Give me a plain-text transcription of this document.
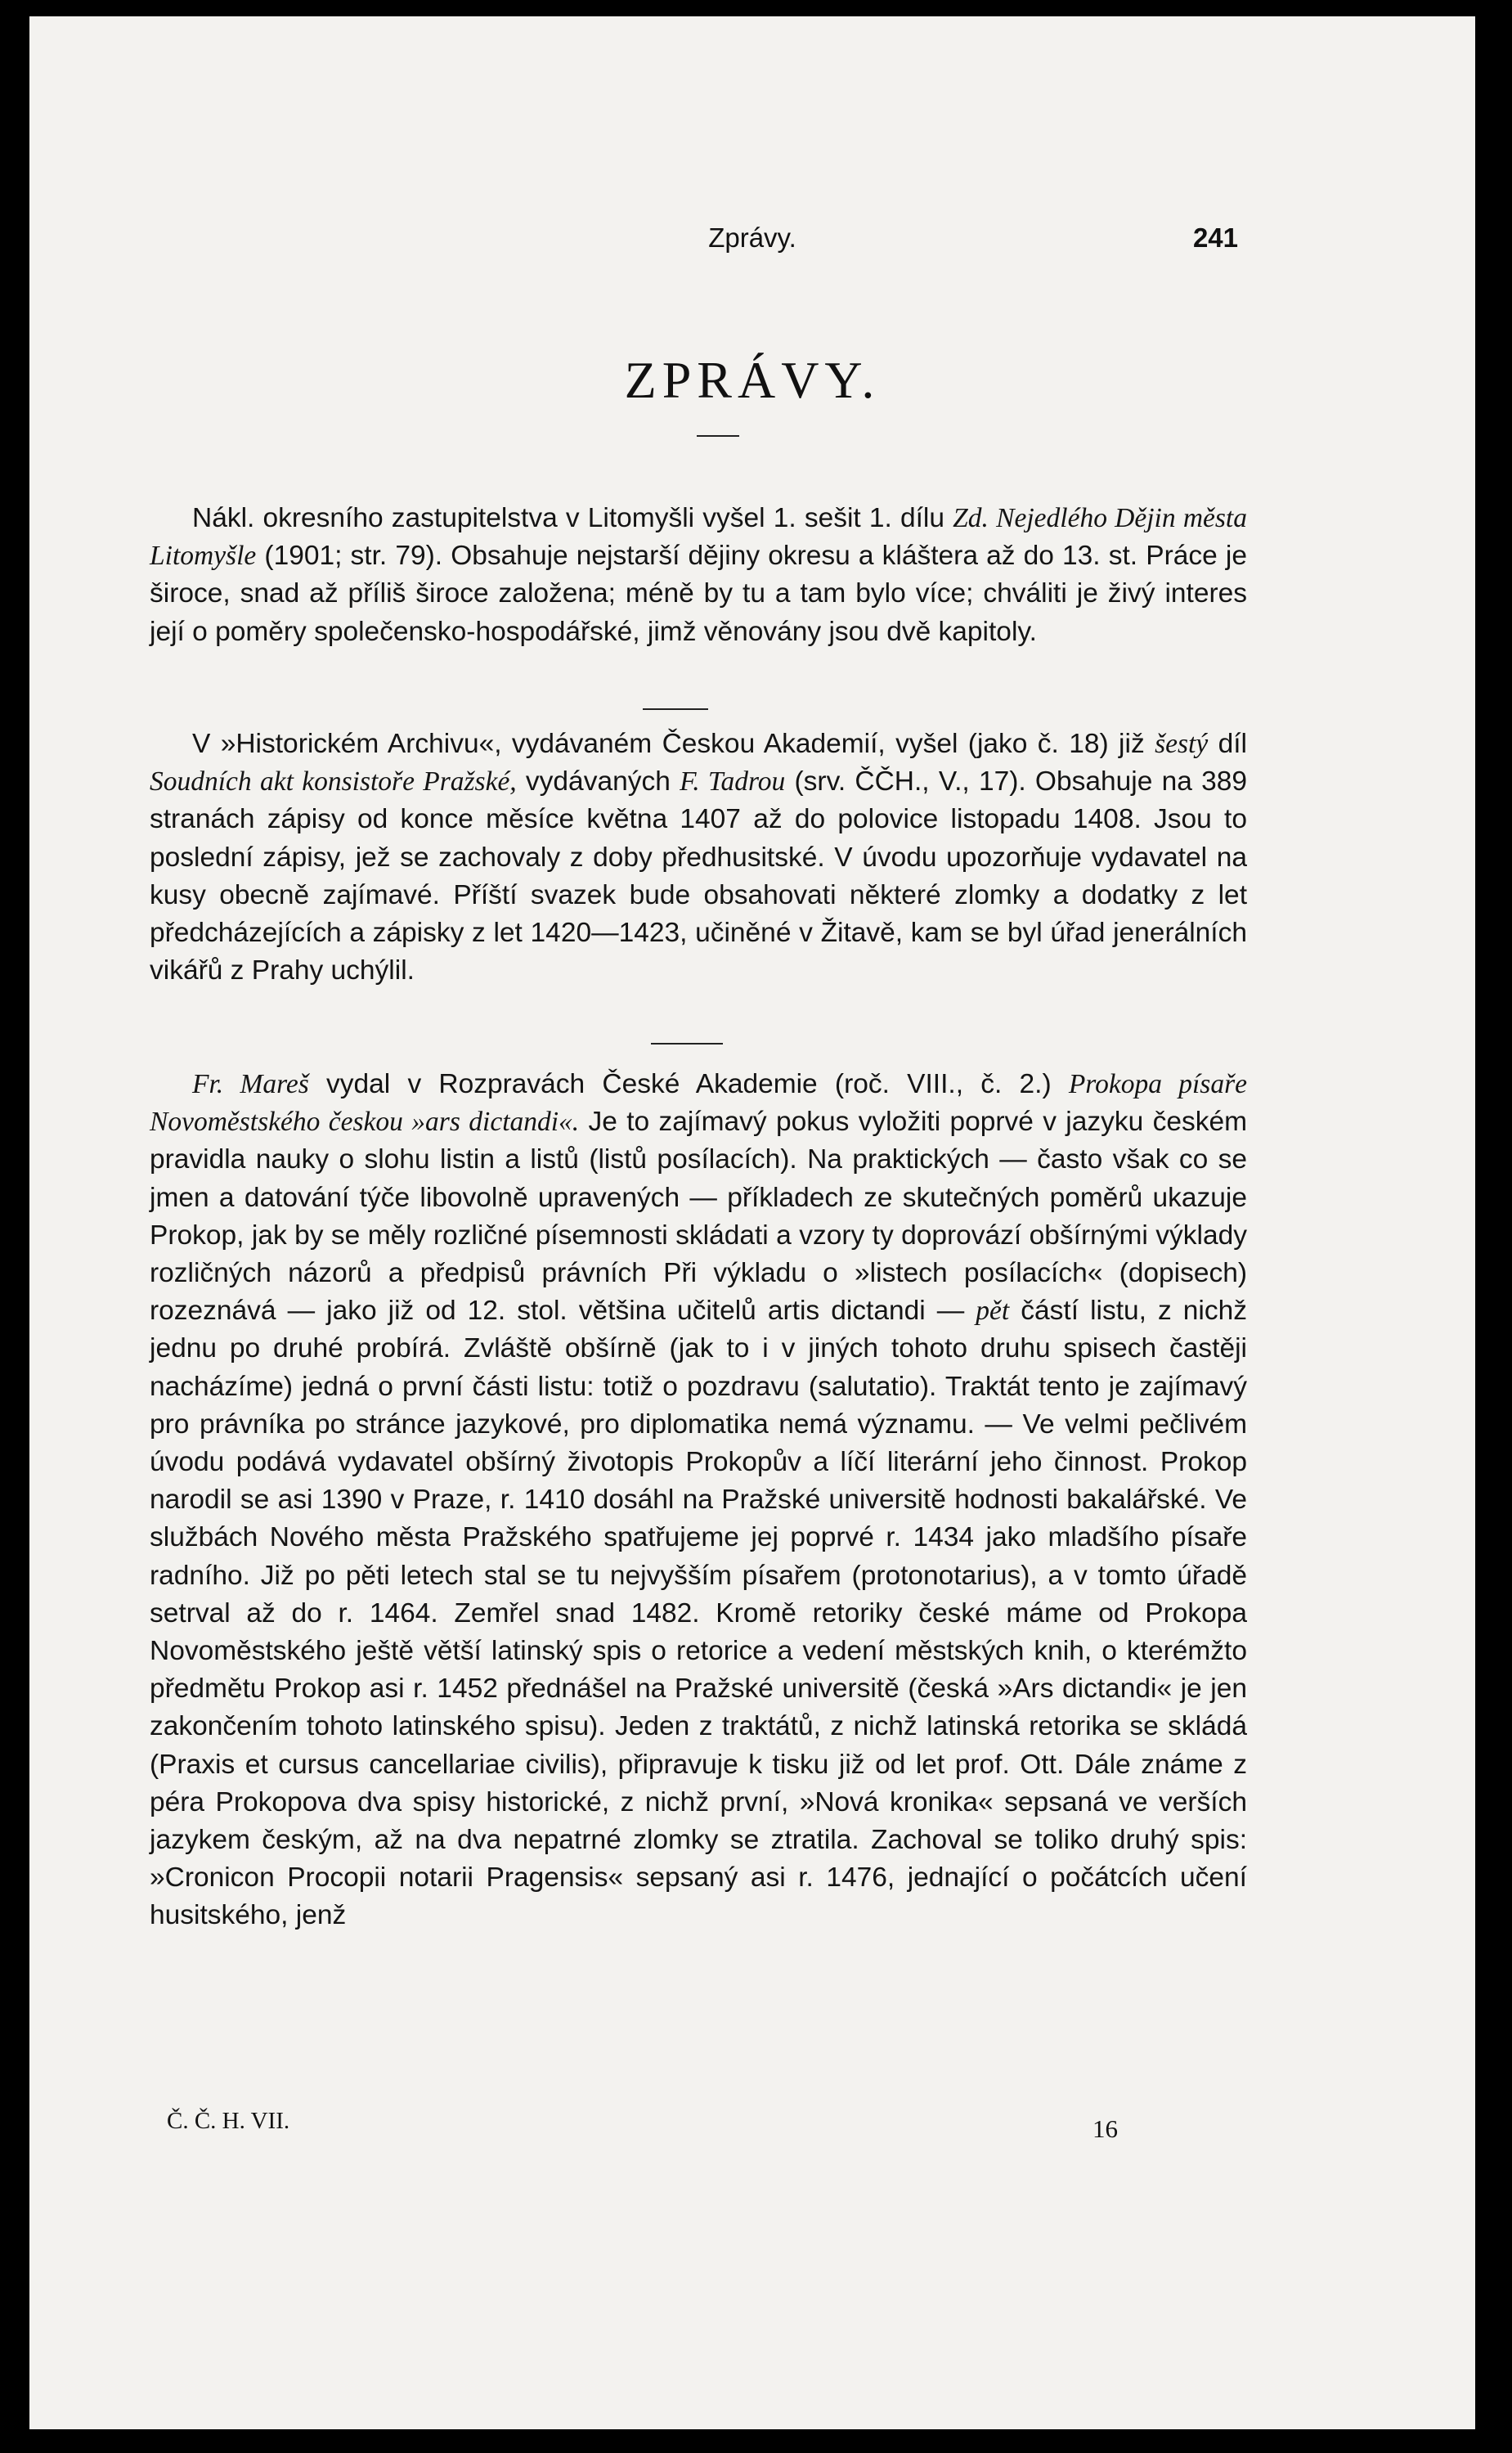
Zprávy.	241
ZPRÁVY.

Nákl. okresního zastupitelstva v Litomyšli vyšel 1. sešit 1. dílu Zd. Nejedlého Dějin města Litomyšle (1901; str. 79). Obsahuje nejstarší dějiny okresu a kláštera až do 13. st. Práce je široce, snad až příliš široce založena; méně by tu a tam bylo více; chváliti je živý interes její o poměry společensko-hospodářské, jimž věnovány jsou dvě kapitoly.

V »Historickém Archivu«, vydávaném Českou Akademií, vyšel (jako č. 18) již šestý díl Soudních akt konsistoře Pražské, vydávaných F. Tadrou (srv. ČČH., V., 17). Obsahuje na 389 stranách zápisy od konce měsíce května 1407 až do polovice listopadu 1408. Jsou to poslední zápisy, jež se zachovaly z doby předhusitské. V úvodu upozorňuje vydavatel na kusy obecně zajímavé. Příští svazek bude obsahovati některé zlomky a dodatky z let předcházejících a zápisky z let 1420—1423, učiněné v Žitavě, kam se byl úřad jenerálních vikářů z Prahy uchýlil.

Fr. Mareš vydal v Rozpravách České Akademie (roč. VIII., č. 2.) Prokopa písaře Novoměstského českou »ars dictandi«. Je to zajímavý pokus vyložiti poprvé v jazyku českém pravidla nauky o slohu listin a listů (listů posílacích). Na praktických — často však co se jmen a datování týče libovolně upravených — příkladech ze skutečných poměrů ukazuje Prokop, jak by se měly rozličné písemnosti skládati a vzory ty doprovází obšírnými výklady rozličných názorů a předpisů právních Při výkladu o »listech posílacích« (dopisech) rozeznává — jako již od 12. stol. většina učitelů artis dictandi — pět částí listu, z nichž jednu po druhé probírá. Zvláště obšírně (jak to i v jiných tohoto druhu spisech častěji nacházíme) jedná o první části listu: totiž o pozdravu (salutatio). Traktát tento je zajímavý pro právníka po stránce jazykové, pro diplomatika nemá významu. — Ve velmi pečlivém úvodu podává vydavatel obšírný životopis Prokopův a líčí literární jeho činnost. Prokop narodil se asi 1390 v Praze, r. 1410 dosáhl na Pražské universitě hodnosti bakalářské. Ve službách Nového města Pražského spatřujeme jej poprvé r. 1434 jako mladšího písaře radního. Již po pěti letech stal se tu nejvyšším písařem (protonotarius), a v tomto úřadě setrval až do r. 1464. Zemřel snad 1482. Kromě retoriky české máme od Prokopa Novoměstského ještě větší latinský spis o retorice a vedení městských knih, o kterémžto předmětu Prokop asi r. 1452 přednášel na Pražské universitě (česká »Ars dictandi« je jen zakončením tohoto latinského spisu). Jeden z traktátů, z nichž latinská retorika se skládá (Praxis et cursus cancellariae civilis), připravuje k tisku již od let prof. Ott. Dále známe z péra Prokopova dva spisy historické, z nichž první, »Nová kronika« sepsaná ve verších jazykem českým, až na dva nepatrné zlomky se ztratila. Zachoval se toliko druhý spis: »Cronicon Procopii notarii Pragensis« sepsaný asi r. 1476, jednající o počátcích učení husitského, jenž

Č. Č. H. VII.	16
